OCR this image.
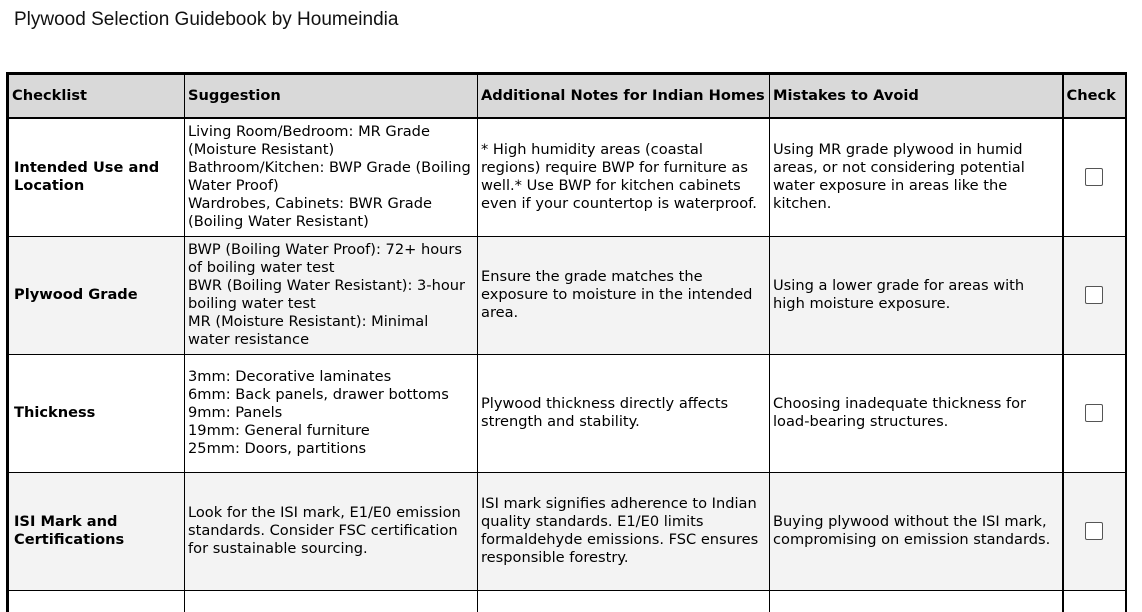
Plywood Selection Guidebook by Houmeindia
Checklist	Suggestion	Additional Notes for Indian Homes	Mistakes to Avoid	Check
Intended Use and Location	Living Room/Bedroom: MR Grade (Moisture Resistant)
Bathroom/Kitchen: BWP Grade (Boiling Water Proof)
Wardrobes, Cabinets: BWR Grade (Boiling Water Resistant)	* High humidity areas (coastal regions) require BWP for furniture as well.* Use BWP for kitchen cabinets even if your countertop is waterproof.	Using MR grade plywood in humid areas, or not considering potential water exposure in areas like the kitchen.	
Plywood Grade	BWP (Boiling Water Proof): 72+ hours of boiling water test
BWR (Boiling Water Resistant): 3-hour boiling water test
MR (Moisture Resistant): Minimal water resistance	Ensure the grade matches the exposure to moisture in the intended area.	Using a lower grade for areas with high moisture exposure.	
Thickness	3mm: Decorative laminates
6mm: Back panels, drawer bottoms
9mm: Panels
19mm: General furniture
25mm: Doors, partitions	Plywood thickness directly affects strength and stability.	Choosing inadequate thickness for load-bearing structures.	
ISI Mark and Certifications	Look for the ISI mark, E1/E0 emission standards. Consider FSC certification for sustainable sourcing.	ISI mark signifies adherence to Indian quality standards. E1/E0 limits formaldehyde emissions. FSC ensures responsible forestry.	Buying plywood without the ISI mark, compromising on emission standards.	
